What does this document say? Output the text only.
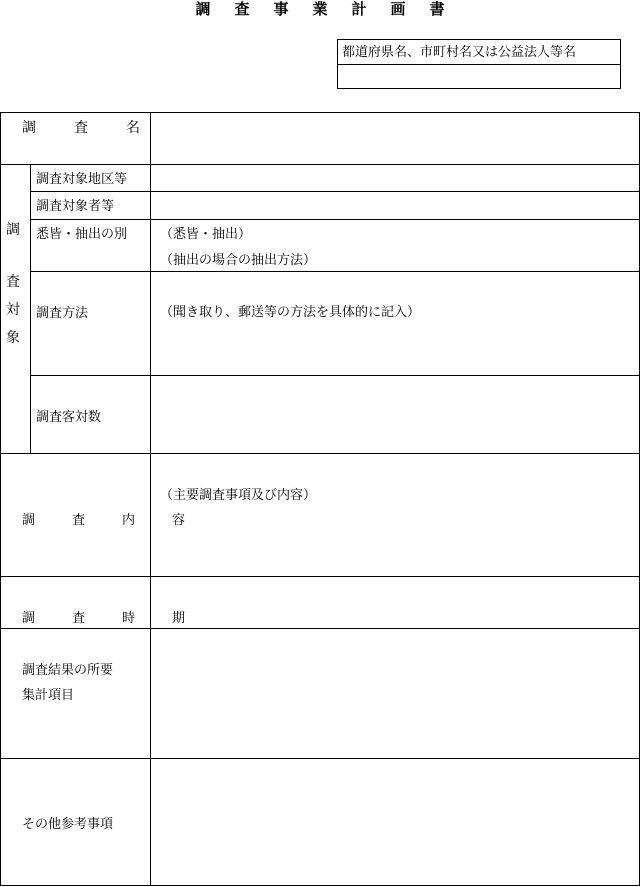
調査事業計画書
都道府県名、市町村名又は公益法人等名
調　査　名
調
査
対
象
調査対象地区等
調査対象者等
悉皆・抽出の別	（悉皆・抽出）
（抽出の場合の抽出方法）
調査方法	（聞き取り、郵送等の方法を具体的に記入）
調査客対数
調　査　内　容
（主要調査事項及び内容）
調　査　時　期
調査結果の所要
集計項目
その他参考事項
